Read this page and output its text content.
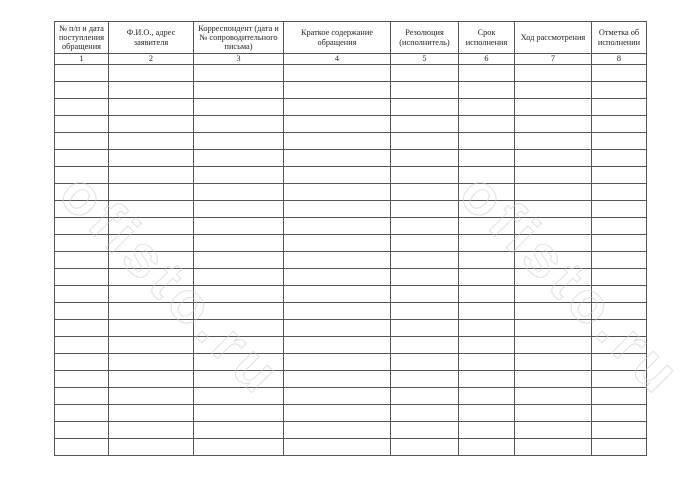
№ п/п и дата поступления обращения	Ф.И.О., адрес заявителя	Корреспондент (дата и № сопроводительного письма)	Краткое содержание обращения	Резолюция (исполнитель)	Срок исполнения	Ход рассмотрения	Отметка об исполнении
1	2	3	4	5	6	7	8

ofisto.ru	ofisto.ru
